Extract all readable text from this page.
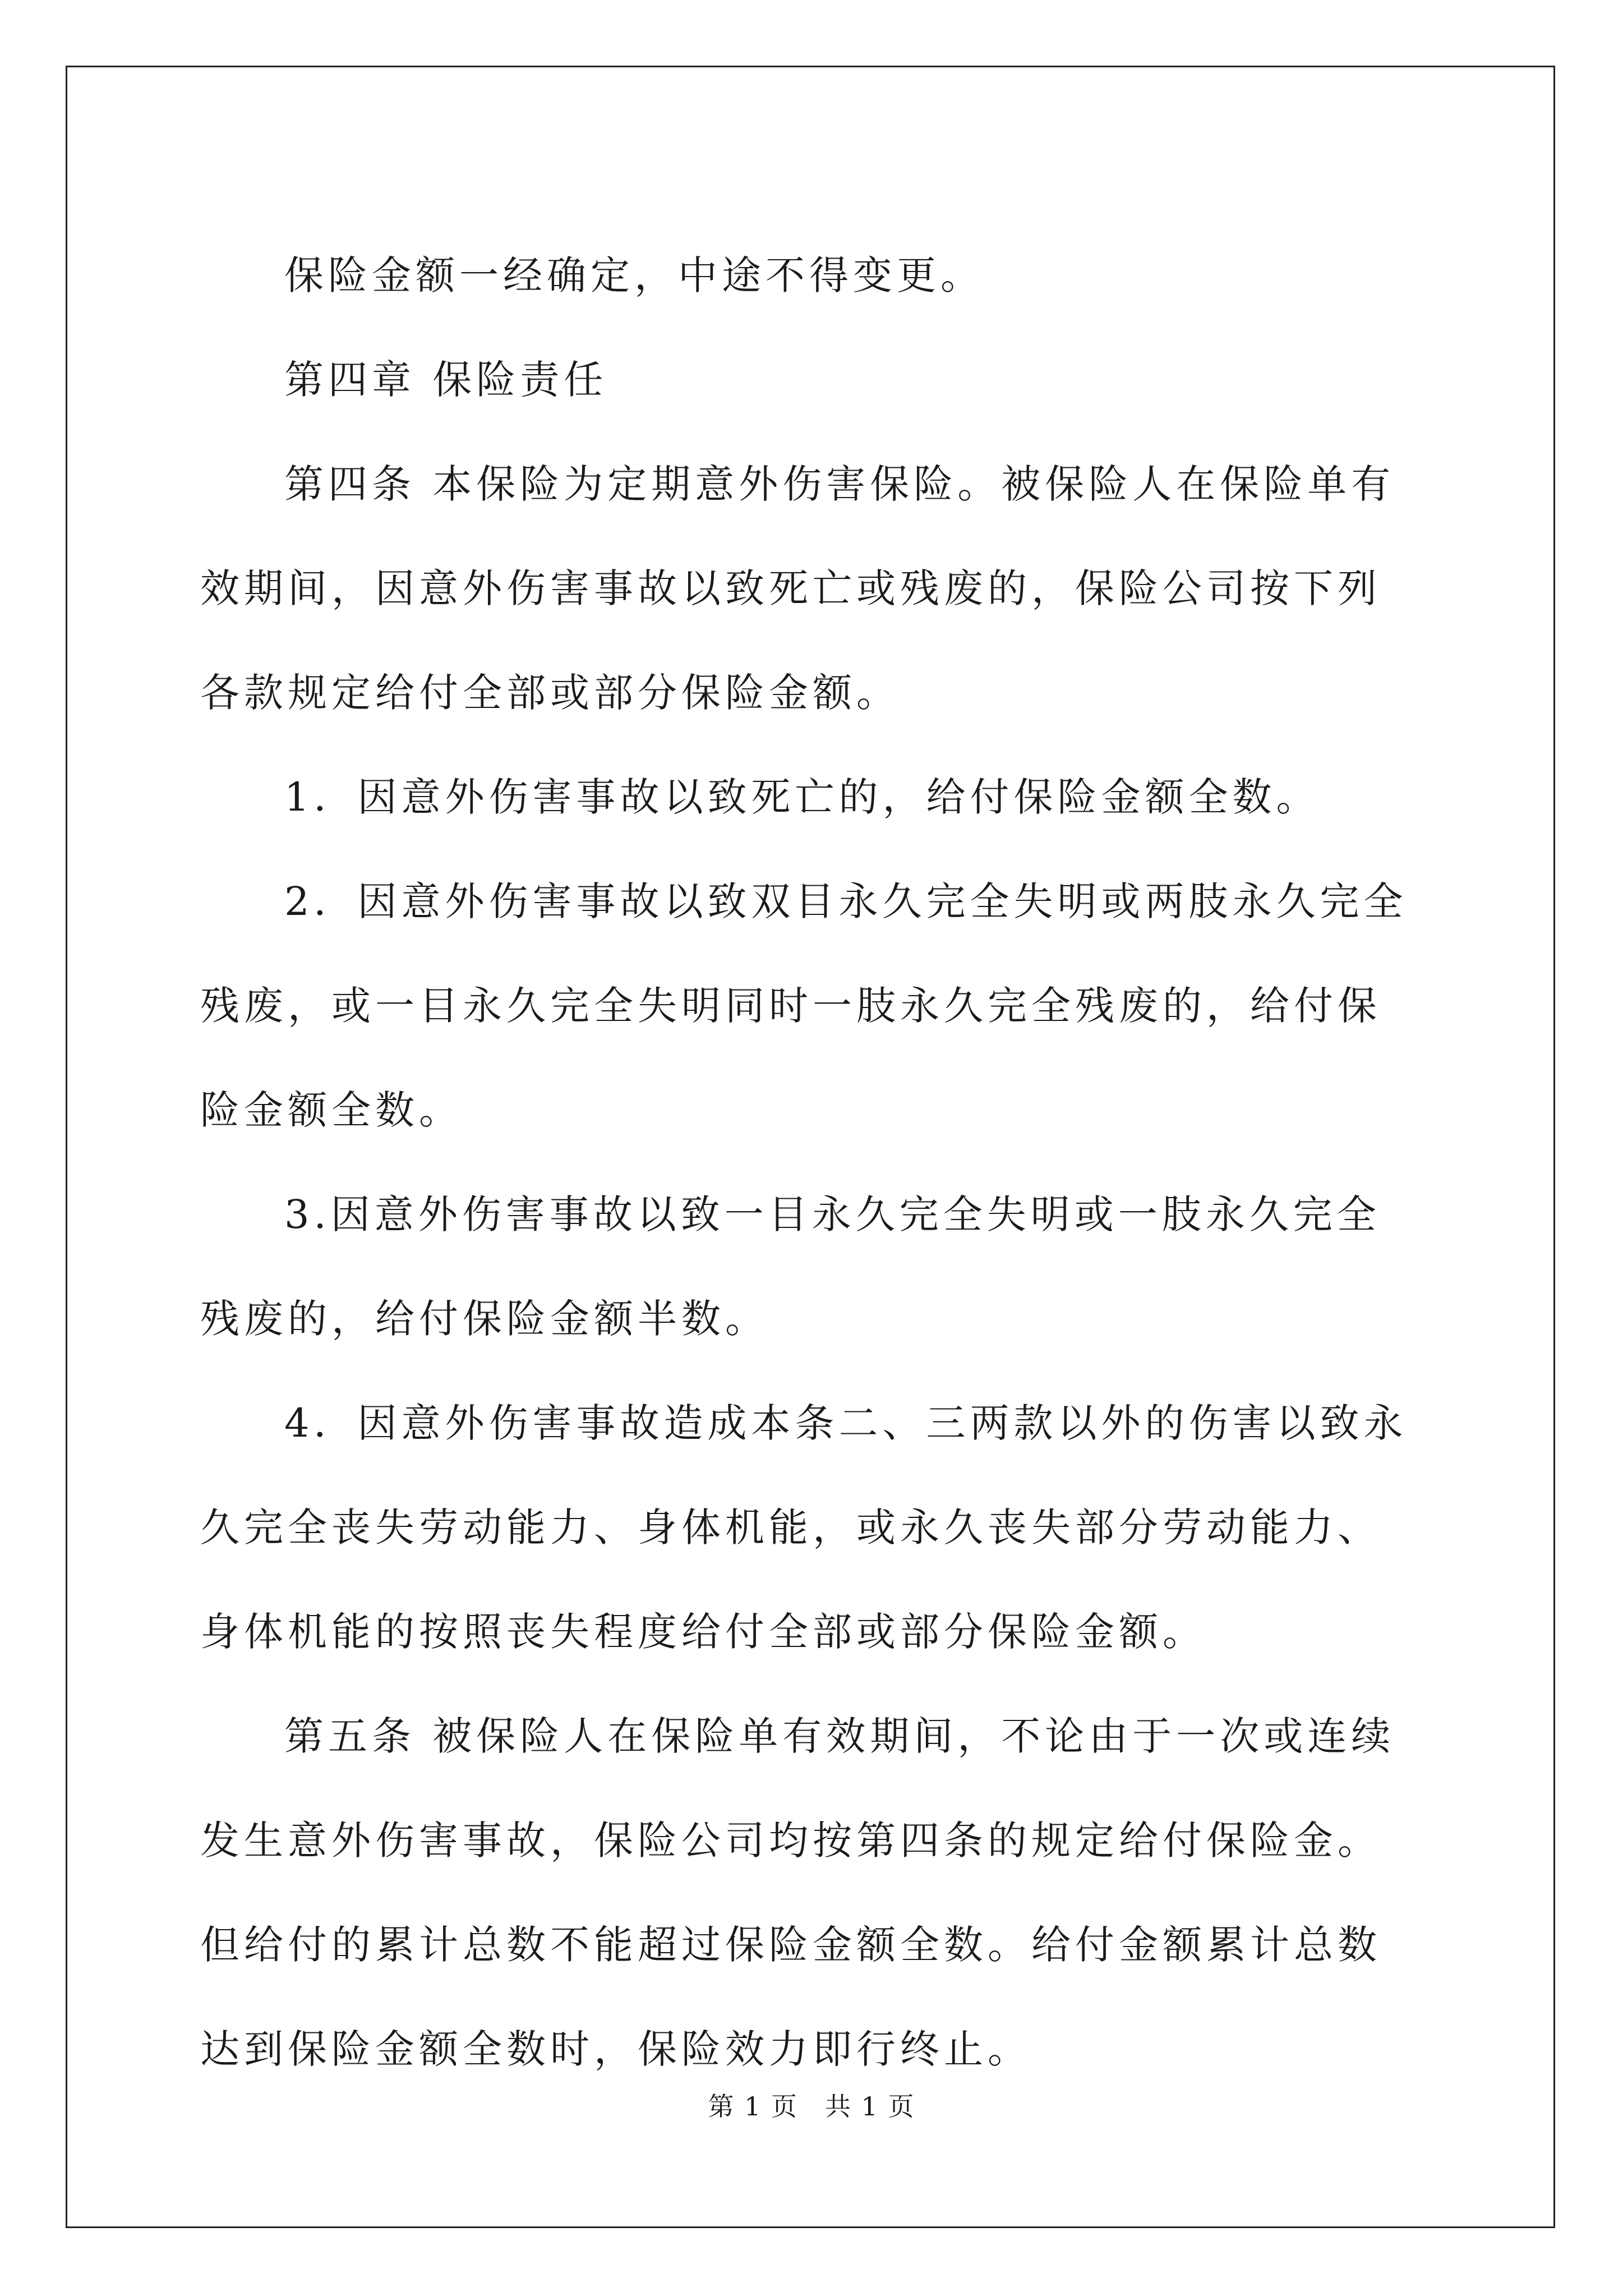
保险金额一经确定，中途不得变更。

第四章 保险责任

第四条 本保险为定期意外伤害保险。被保险人在保险单有效期间，因意外伤害事故以致死亡或残废的，保险公司按下列各款规定给付全部或部分保险金额。

1．因意外伤害事故以致死亡的，给付保险金额全数。

2．因意外伤害事故以致双目永久完全失明或两肢永久完全残废，或一目永久完全失明同时一肢永久完全残废的，给付保险金额全数。

3.因意外伤害事故以致一目永久完全失明或一肢永久完全残废的，给付保险金额半数。

4．因意外伤害事故造成本条二、三两款以外的伤害以致永久完全丧失劳动能力、身体机能，或永久丧失部分劳动能力、身体机能的按照丧失程度给付全部或部分保险金额。

第五条 被保险人在保险单有效期间，不论由于一次或连续发生意外伤害事故，保险公司均按第四条的规定给付保险金。但给付的累计总数不能超过保险金额全数。给付金额累计总数达到保险金额全数时，保险效力即行终止。

第 1 页　共 1 页
